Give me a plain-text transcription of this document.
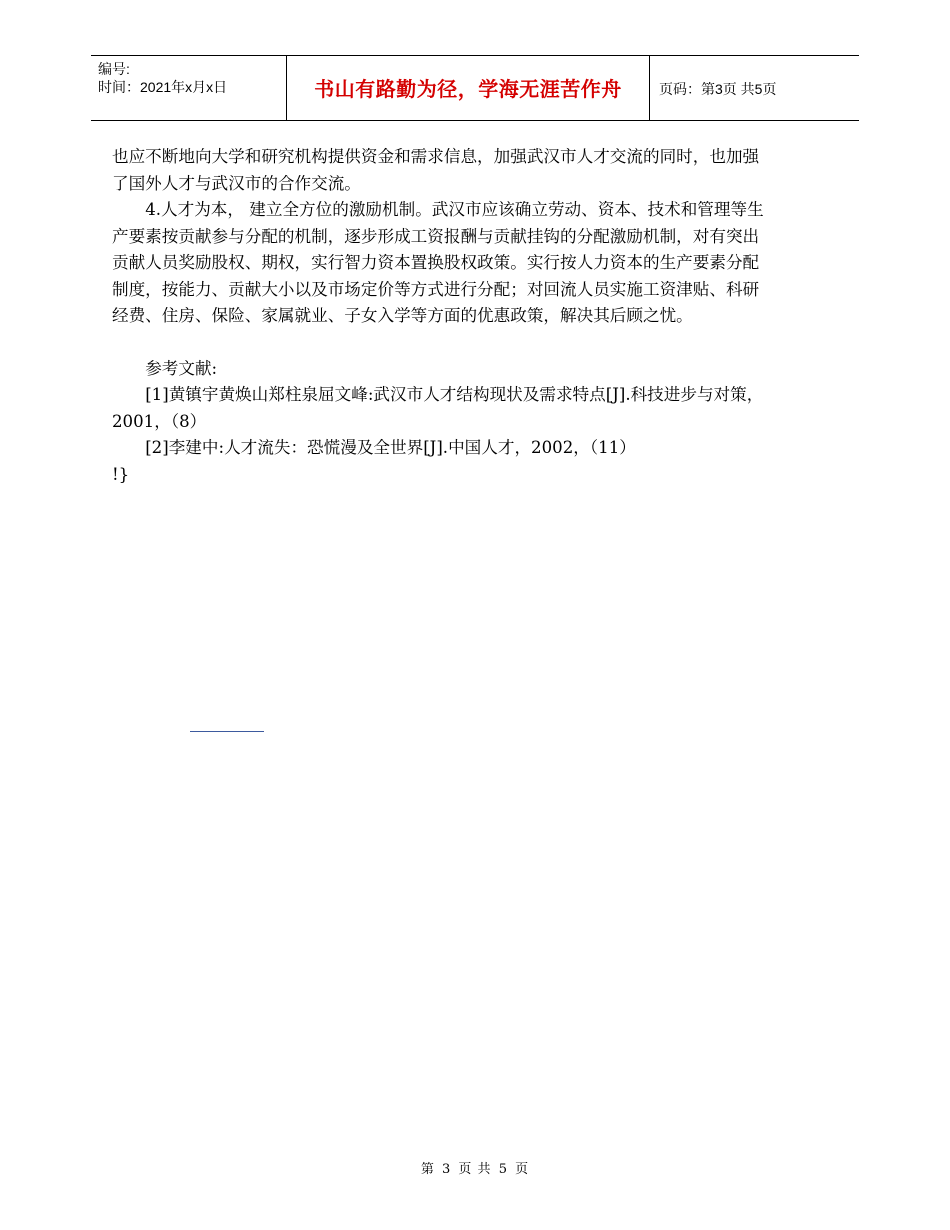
编号:
时间：2021年x月x日	书山有路勤为径，学海无涯苦作舟	页码：第3页 共5页

也应不断地向大学和研究机构提供资金和需求信息，加强武汉市人才交流的同时，也加强了国外人才与武汉市的合作交流。

4.人才为本， 建立全方位的激励机制。武汉市应该确立劳动、资本、技术和管理等生产要素按贡献参与分配的机制，逐步形成工资报酬与贡献挂钩的分配激励机制，对有突出贡献人员奖励股权、期权，实行智力资本置换股权政策。实行按人力资本的生产要素分配制度，按能力、贡献大小以及市场定价等方式进行分配；对回流人员实施工资津贴、科研经费、住房、保险、家属就业、子女入学等方面的优惠政策，解决其后顾之忧。

参考文献:

[1]黄镇宇黄焕山郑柱泉屈文峰:武汉市人才结构现状及需求特点[J].科技进步与对策，2001，（8）

[2]李建中:人才流失：恐慌漫及全世界[J].中国人才，2002，（11）

!}

第 3 页 共 5 页
